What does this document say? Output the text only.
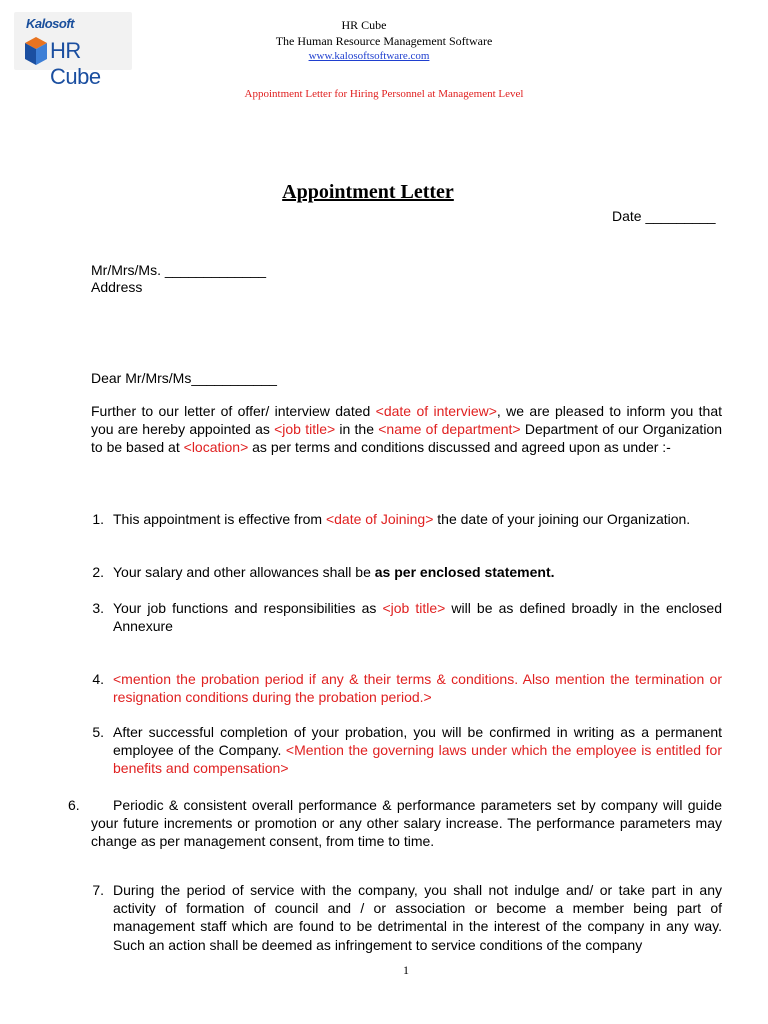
Kalosoft
HR Cube
HR Cube
The Human Resource Management Software
www.kalosoftsoftware.com
Appointment Letter for Hiring Personnel at Management Level
Appointment Letter
Date _________
Mr/Mrs/Ms. _____________
Address
Dear Mr/Mrs/Ms___________
Further to our letter of offer/ interview dated <date of interview>, we are pleased to inform you that you are hereby appointed as <job title> in the <name of department> Department of our Organization to be based at <location> as per terms and conditions discussed and agreed upon as under :-
1. This appointment is effective from <date of Joining> the date of your joining our Organization.
2. Your salary and other allowances shall be as per enclosed statement.
3. Your job functions and responsibilities as <job title> will be as defined broadly in the enclosed Annexure
4. <mention the probation period if any & their terms & conditions. Also mention the termination or resignation conditions during the probation period.>
5. After successful completion of your probation, you will be confirmed in writing as a permanent employee of the Company. <Mention the governing laws under which the employee is entitled for benefits and compensation>
6.	Periodic & consistent overall performance & performance parameters set by company will guide your future increments or promotion or any other salary increase. The performance parameters may change as per management consent, from time to time.
7. During the period of service with the company, you shall not indulge and/ or take part in any activity of formation of council and / or association or become a member being part of management staff which are found to be detrimental in the interest of the company in any way. Such an action shall be deemed as infringement to service conditions of the company
1
